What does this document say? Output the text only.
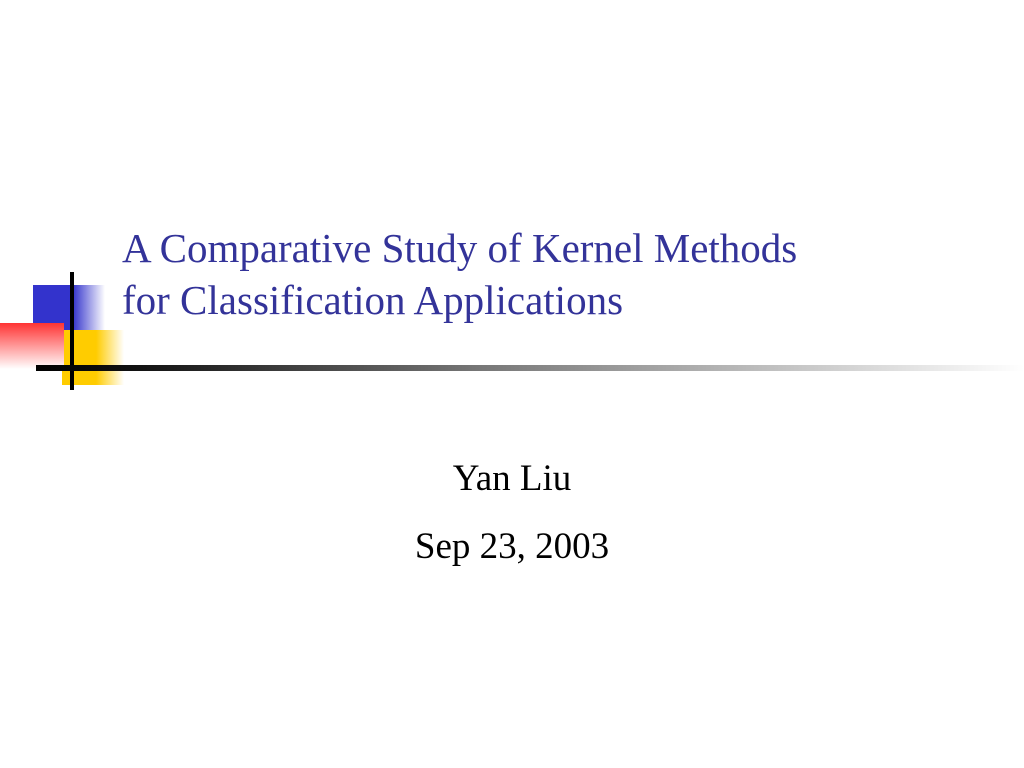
A Comparative Study of Kernel Methods
for Classification Applications
Yan Liu
Sep 23, 2003
